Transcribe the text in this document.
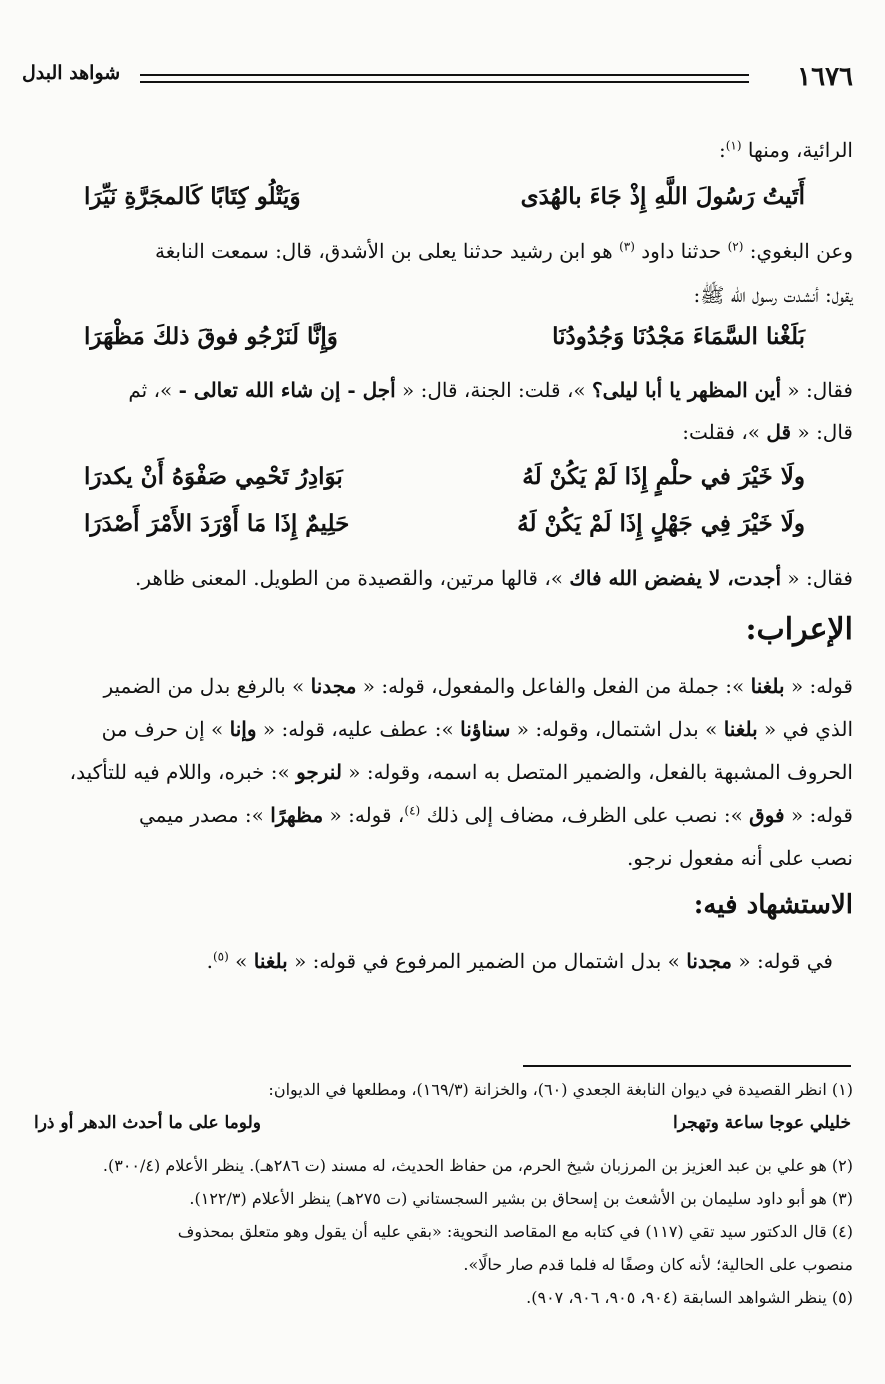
١٦٧٦
شواهد البدل
الرائية، ومنها $^{(١)}$:
أَتَيتُ رَسُولَ اللَّهِ إِذْ جَاءَ بالهُدَى
وَيَتْلُو كِتَابًا كَالمجَرَّةِ نَيِّرَا
وعن البغوي: $^{(٢)}$ حدثنا داود $^{(٣)}$ هو ابن رشيد حدثنا يعلى بن الأشدق، قال: سمعت النابغة
يقول: أنشدت رسول الله ﷺ:
بَلَغْنا السَّمَاءَ مَجْدُنَا وَجُدُودُنَا
وَإِنَّا لَنَرْجُو فوقَ ذلكَ مَظْهَرَا
فقال: « أين المظهر يا أبا ليلى؟ »، قلت: الجنة، قال: « أجل - إن شاء الله تعالى - »، ثم
قال: « قل »، فقلت:
ولَا خَيْرَ في حلْمٍ إِذَا لَمْ يَكُنْ لَهُ
بَوَادِرُ تَحْمِي صَفْوَهُ أَنْ يكدرَا
ولَا خَيْرَ فِي جَهْلٍ إِذَا لَمْ يَكُنْ لَهُ
حَلِيمٌ إِذَا مَا أَوْرَدَ الأَمْرَ أَصْدَرَا
فقال: « أجدت، لا يفضض الله فاك »، قالها مرتين، والقصيدة من الطويل. المعنى ظاهر.
الإعراب:
قوله: « بلغنا »: جملة من الفعل والفاعل والمفعول، قوله: « مجدنا » بالرفع بدل من الضمير
الذي في « بلغنا » بدل اشتمال، وقوله: « سناؤنا »: عطف عليه، قوله: « وإنا » إن حرف من
الحروف المشبهة بالفعل، والضمير المتصل به اسمه، وقوله: « لنرجو »: خبره، واللام فيه للتأكيد،
قوله: « فوق »: نصب على الظرف، مضاف إلى ذلك $^{(٤)}$، قوله: « مظهرًا »: مصدر ميمي
نصب على أنه مفعول نرجو.
الاستشهاد فيه:
في قوله: « مجدنا » بدل اشتمال من الضمير المرفوع في قوله: « بلغنا » $^{(٥)}$.
(١) انظر القصيدة في ديوان النابغة الجعدي (٦٠)، والخزانة (١٦٩/٣)، ومطلعها في الديوان:
خليلي عوجا ساعة وتهجرا
ولوما على ما أحدث الدهر أو ذرا
(٢) هو علي بن عبد العزيز بن المرزبان شيخ الحرم، من حفاظ الحديث، له مسند (ت ٢٨٦هـ). ينظر الأعلام (٣٠٠/٤).
(٣) هو أبو داود سليمان بن الأشعث بن إسحاق بن بشير السجستاني (ت ٢٧٥هـ) ينظر الأعلام (١٢٢/٣).
(٤) قال الدكتور سيد تقي (١١٧) في كتابه مع المقاصد النحوية: «بقي عليه أن يقول وهو متعلق بمحذوف
منصوب على الحالية؛ لأنه كان وصفًا له فلما قدم صار حالًا».
(٥) ينظر الشواهد السابقة (٩٠٤، ٩٠٥، ٩٠٦، ٩٠٧).
